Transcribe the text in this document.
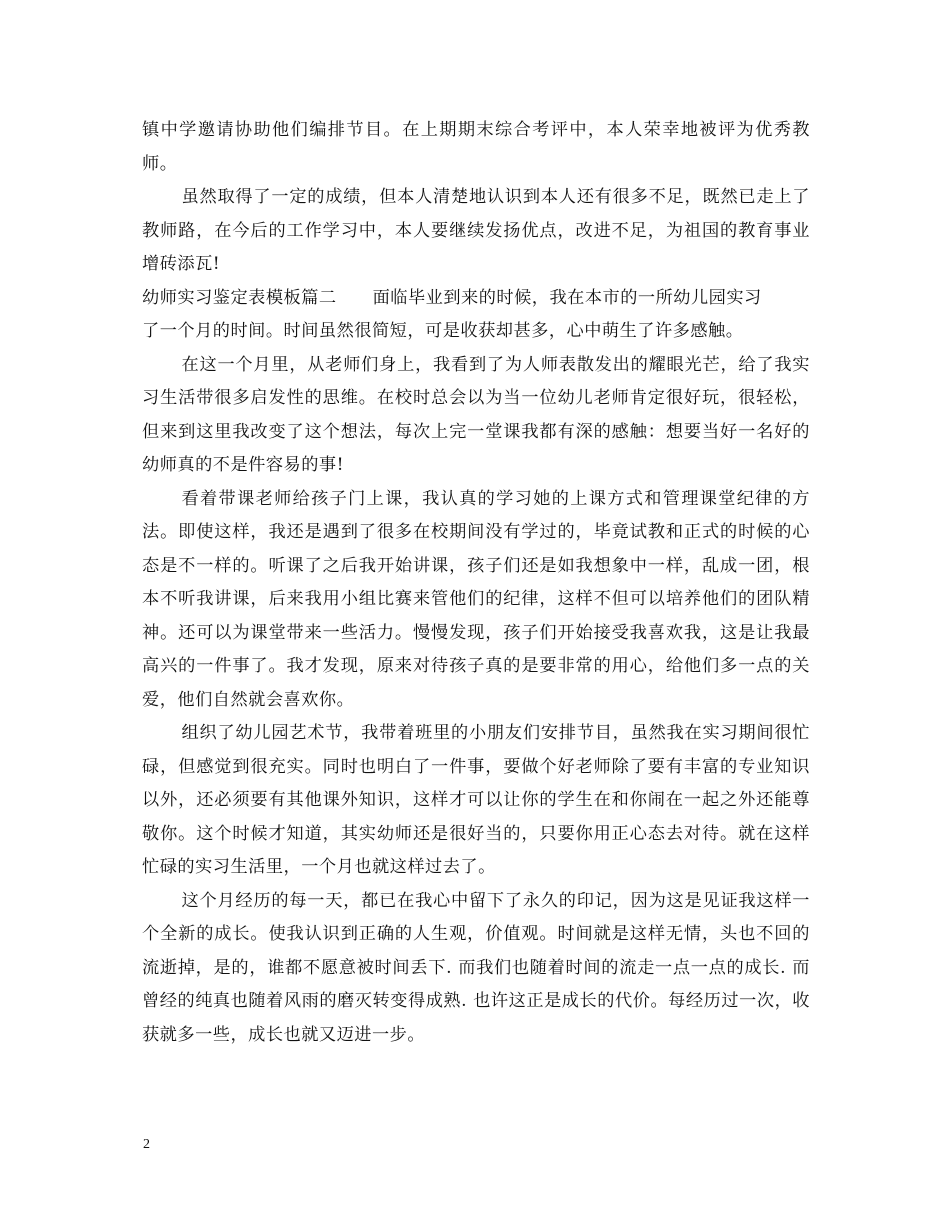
镇中学邀请协助他们编排节目。在上期期末综合考评中，本人荣幸地被评为优秀教师。

虽然取得了一定的成绩，但本人清楚地认识到本人还有很多不足，既然已走上了教师路，在今后的工作学习中，本人要继续发扬优点，改进不足，为祖国的教育事业增砖添瓦!

幼师实习鉴定表模板篇二 面临毕业到来的时候，我在本市的一所幼儿园实习

了一个月的时间。时间虽然很简短，可是收获却甚多，心中萌生了许多感触。

在这一个月里，从老师们身上，我看到了为人师表散发出的耀眼光芒，给了我实习生活带很多启发性的思维。在校时总会以为当一位幼儿老师肯定很好玩，很轻松，但来到这里我改变了这个想法，每次上完一堂课我都有深的感触：想要当好一名好的幼师真的不是件容易的事!

看着带课老师给孩子门上课，我认真的学习她的上课方式和管理课堂纪律的方法。即使这样，我还是遇到了很多在校期间没有学过的，毕竟试教和正式的时候的心态是不一样的。听课了之后我开始讲课，孩子们还是如我想象中一样，乱成一团，根本不听我讲课，后来我用小组比赛来管他们的纪律，这样不但可以培养他们的团队精神。还可以为课堂带来一些活力。慢慢发现，孩子们开始接受我喜欢我，这是让我最高兴的一件事了。我才发现，原来对待孩子真的是要非常的用心，给他们多一点的关爱，他们自然就会喜欢你。

组织了幼儿园艺术节，我带着班里的小朋友们安排节目，虽然我在实习期间很忙碌，但感觉到很充实。同时也明白了一件事，要做个好老师除了要有丰富的专业知识以外，还必须要有其他课外知识，这样才可以让你的学生在和你闹在一起之外还能尊敬你。这个时候才知道，其实幼师还是很好当的，只要你用正心态去对待。就在这样忙碌的实习生活里，一个月也就这样过去了。

这个月经历的每一天，都已在我心中留下了永久的印记，因为这是见证我这样一个全新的成长。使我认识到正确的人生观，价值观。时间就是这样无情，头也不回的流逝掉，是的，谁都不愿意被时间丢下. 而我们也随着时间的流走一点一点的成长. 而曾经的纯真也随着风雨的磨灭转变得成熟. 也许这正是成长的代价。每经历过一次，收获就多一些，成长也就又迈进一步。

2
